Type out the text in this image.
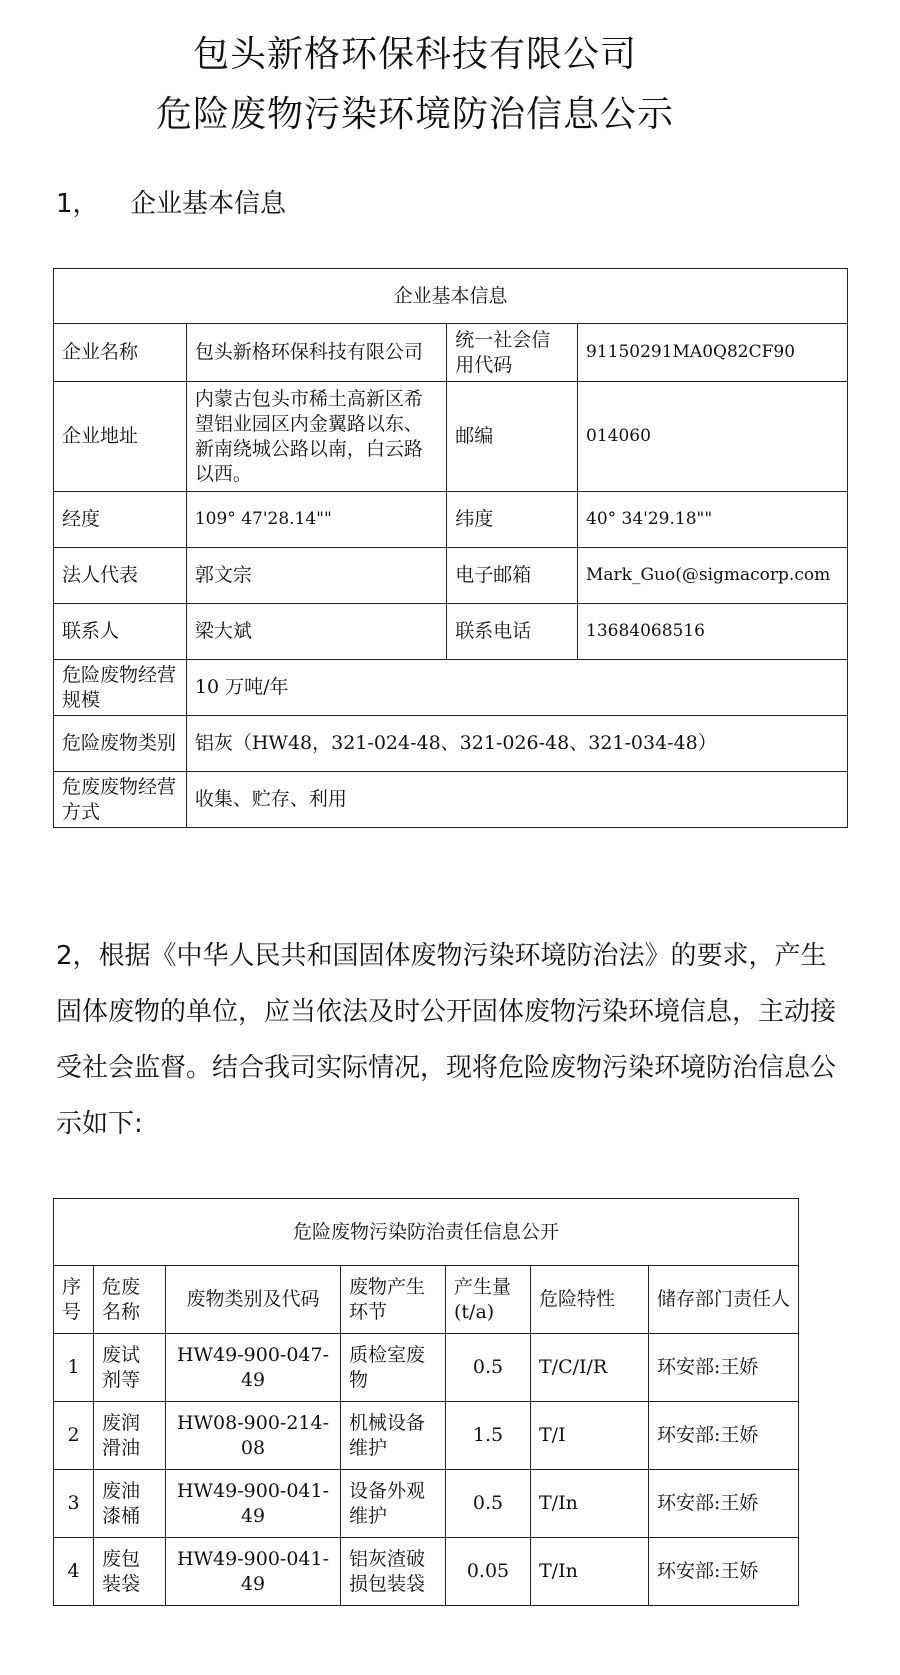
包头新格环保科技有限公司
危险废物污染环境防治信息公示
1， 企业基本信息
企业基本信息			
企业名称	包头新格环保科技有限公司	统一社会信用代码	91150291MA0Q82CF90
企业地址	内蒙古包头市稀土高新区希望铝业园区内金翼路以东、新南绕城公路以南，白云路以西。	邮编	014060
经度	109° 47'28.14""	纬度	40° 34'29.18""
法人代表	郭文宗	电子邮箱	Mark_Guo(@sigmacorp.com
联系人	梁大斌	联系电话	13684068516
危险废物经营规模	10 万吨/年		
危险废物类别	铝灰（HW48，321-024-48、321-026-48、321-034-48）		
危废废物经营方式	收集、贮存、利用		
2，根据《中华人民共和国固体废物污染环境防治法》的要求，产生固体废物的单位，应当依法及时公开固体废物污染环境信息，主动接受社会监督。结合我司实际情况，现将危险废物污染环境防治信息公示如下:
危险废物污染防治责任信息公开						
序号	危废名称	废物类别及代码	废物产生环节	产生量(t/a)	危险特性	储存部门责任人
1	废试剂等	HW49-900-047-49	质检室废物	0.5	T/C/I/R	环安部:王娇
2	废润滑油	HW08-900-214-08	机械设备维护	1.5	T/I	环安部:王娇
3	废油漆桶	HW49-900-041-49	设备外观维护	0.5	T/In	环安部:王娇
4	废包装袋	HW49-900-041-49	铝灰渣破损包装袋	0.05	T/In	环安部:王娇
